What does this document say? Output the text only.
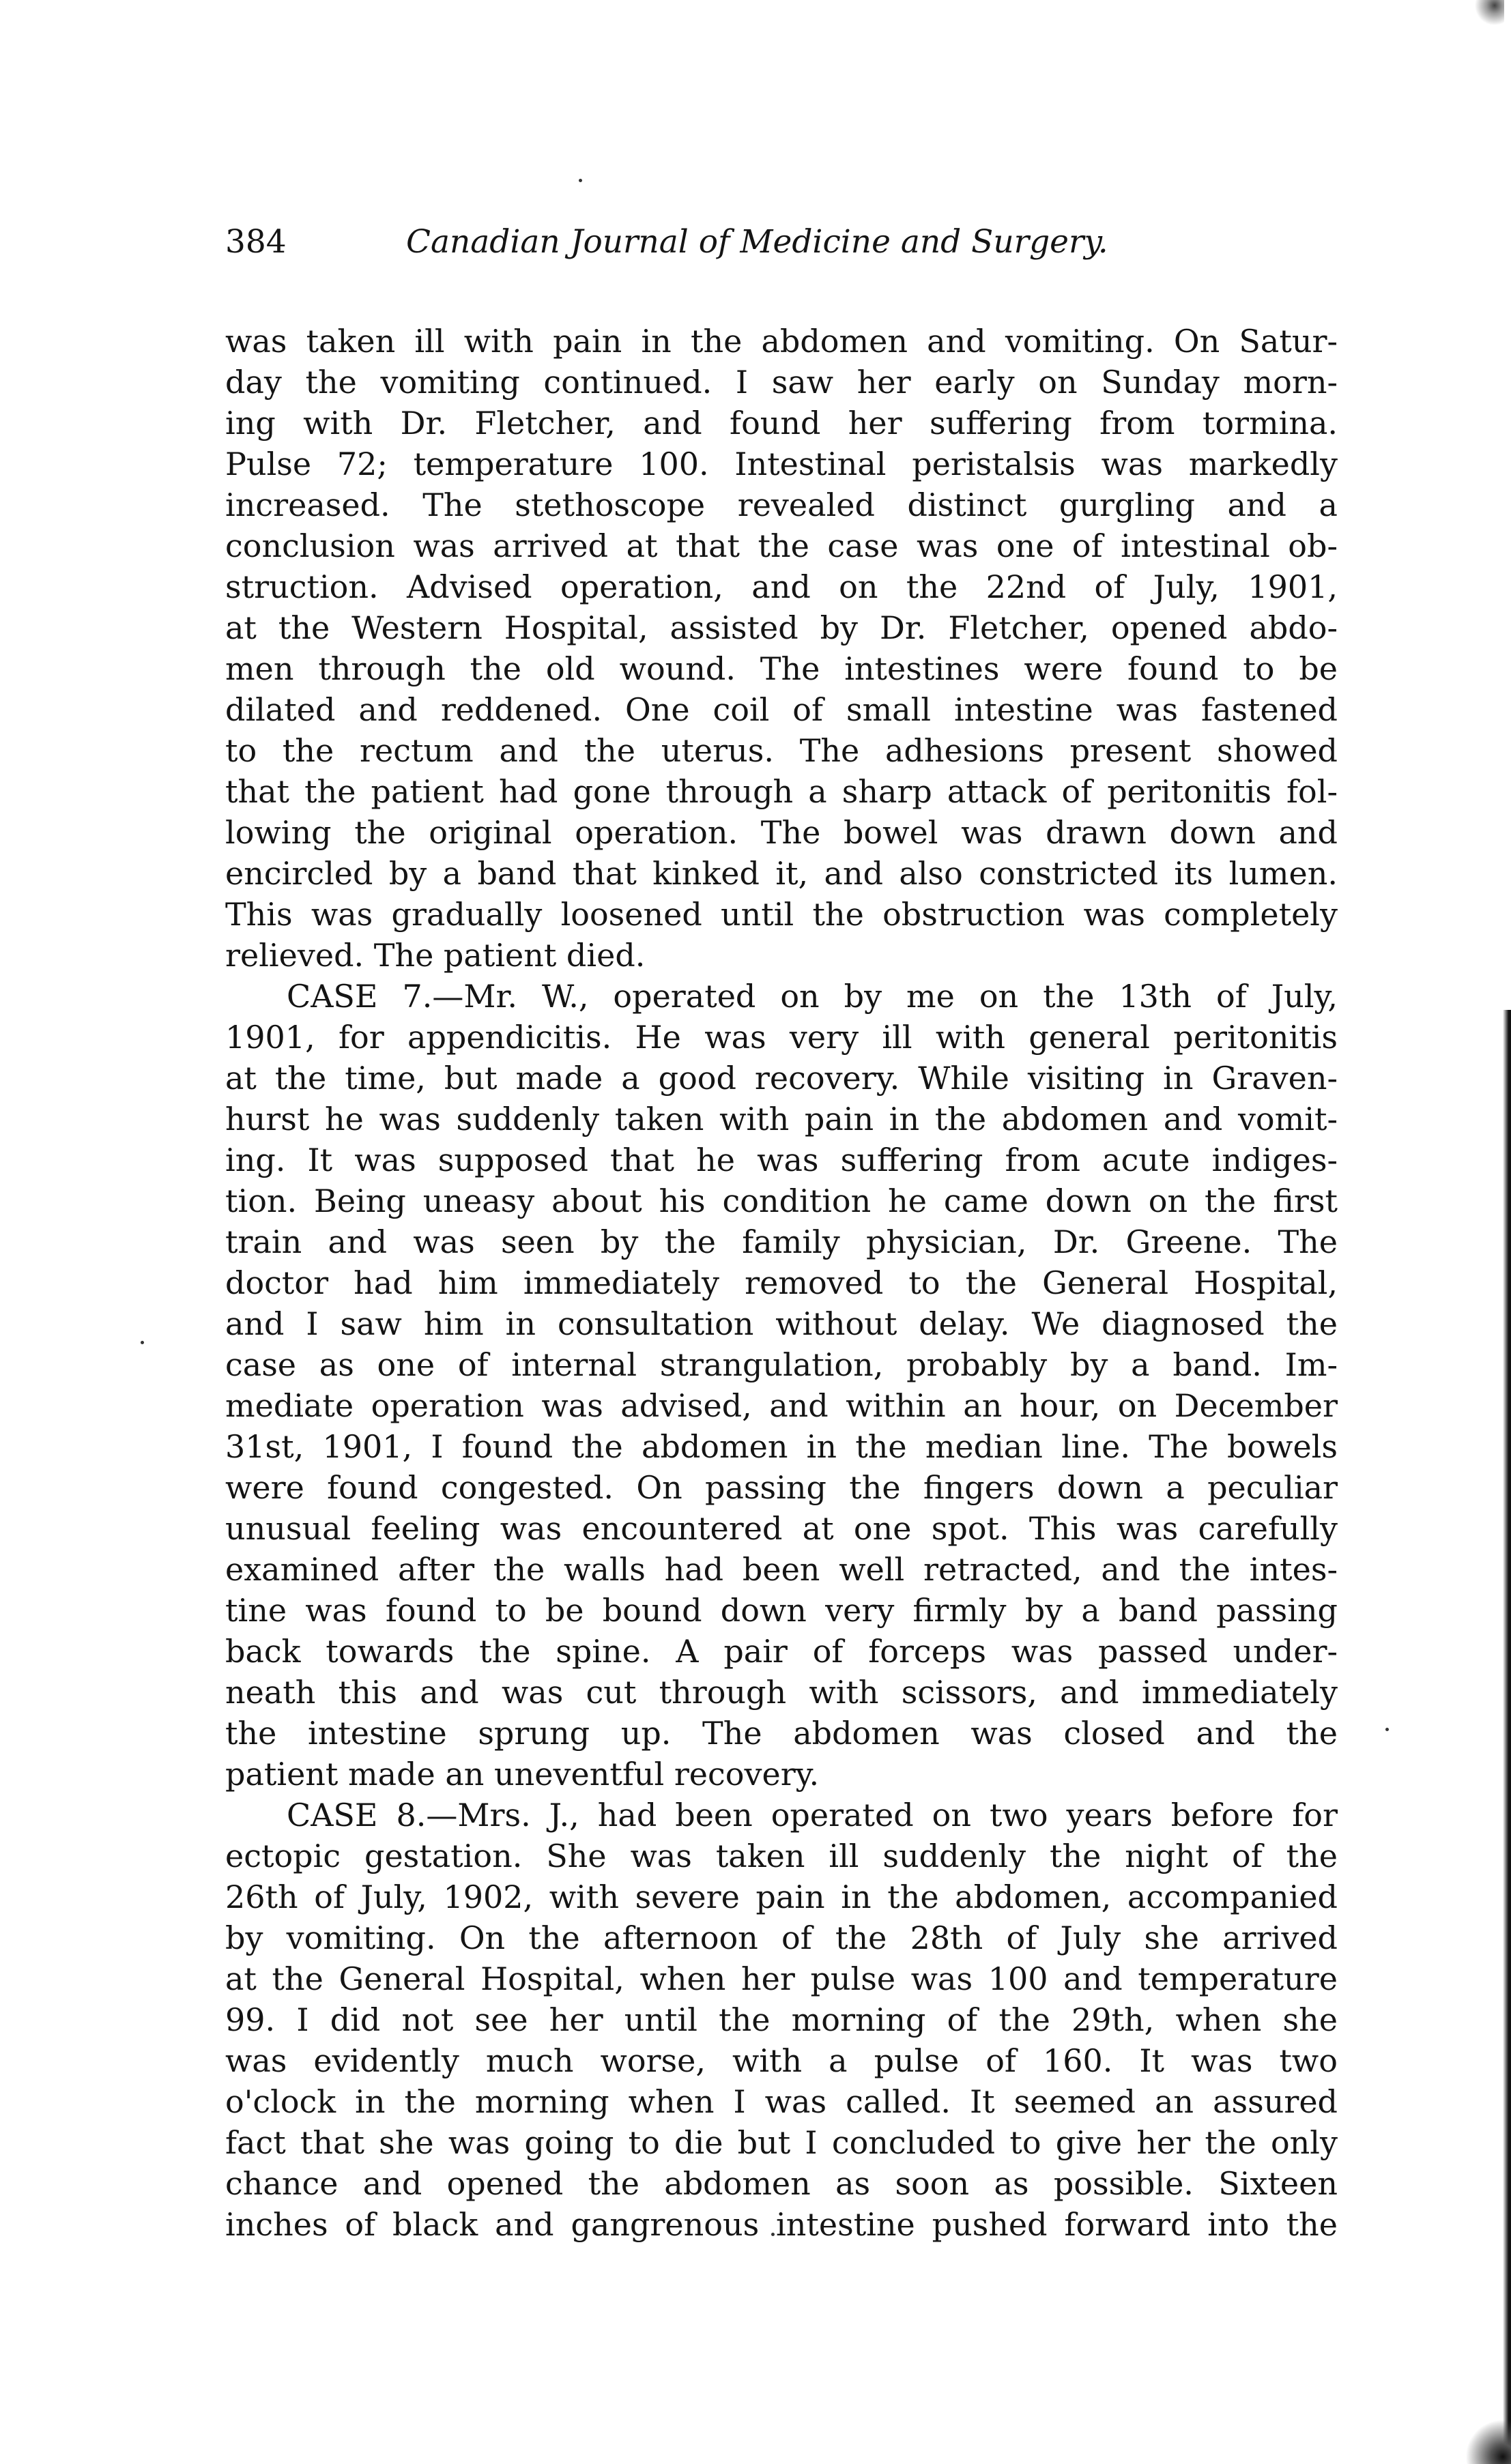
384	Canadian Journal of Medicine and Surgery.
was taken ill with pain in the abdomen and vomiting. On Satur-
day the vomiting continued. I saw her early on Sunday morn-
ing with Dr. Fletcher, and found her suffering from tormina.
Pulse 72; temperature 100. Intestinal peristalsis was markedly
increased. The stethoscope revealed distinct gurgling and a
conclusion was arrived at that the case was one of intestinal ob-
struction. Advised operation, and on the 22nd of July, 1901,
at the Western Hospital, assisted by Dr. Fletcher, opened abdo-
men through the old wound. The intestines were found to be
dilated and reddened. One coil of small intestine was fastened
to the rectum and the uterus. The adhesions present showed
that the patient had gone through a sharp attack of peritonitis fol-
lowing the original operation. The bowel was drawn down and
encircled by a band that kinked it, and also constricted its lumen.
This was gradually loosened until the obstruction was completely
relieved. The patient died.
CASE 7.—Mr. W., operated on by me on the 13th of July,
1901, for appendicitis. He was very ill with general peritonitis
at the time, but made a good recovery. While visiting in Graven-
hurst he was suddenly taken with pain in the abdomen and vomit-
ing. It was supposed that he was suffering from acute indiges-
tion. Being uneasy about his condition he came down on the first
train and was seen by the family physician, Dr. Greene. The
doctor had him immediately removed to the General Hospital,
and I saw him in consultation without delay. We diagnosed the
case as one of internal strangulation, probably by a band. Im-
mediate operation was advised, and within an hour, on December
31st, 1901, I found the abdomen in the median line. The bowels
were found congested. On passing the fingers down a peculiar
unusual feeling was encountered at one spot. This was carefully
examined after the walls had been well retracted, and the intes-
tine was found to be bound down very firmly by a band passing
back towards the spine. A pair of forceps was passed under-
neath this and was cut through with scissors, and immediately
the intestine sprung up. The abdomen was closed and the
patient made an uneventful recovery.
CASE 8.—Mrs. J., had been operated on two years before for
ectopic gestation. She was taken ill suddenly the night of the
26th of July, 1902, with severe pain in the abdomen, accompanied
by vomiting. On the afternoon of the 28th of July she arrived
at the General Hospital, when her pulse was 100 and temperature
99. I did not see her until the morning of the 29th, when she
was evidently much worse, with a pulse of 160. It was two
o'clock in the morning when I was called. It seemed an assured
fact that she was going to die but I concluded to give her the only
chance and opened the abdomen as soon as possible. Sixteen
inches of black and gangrenous intestine pushed forward into the
